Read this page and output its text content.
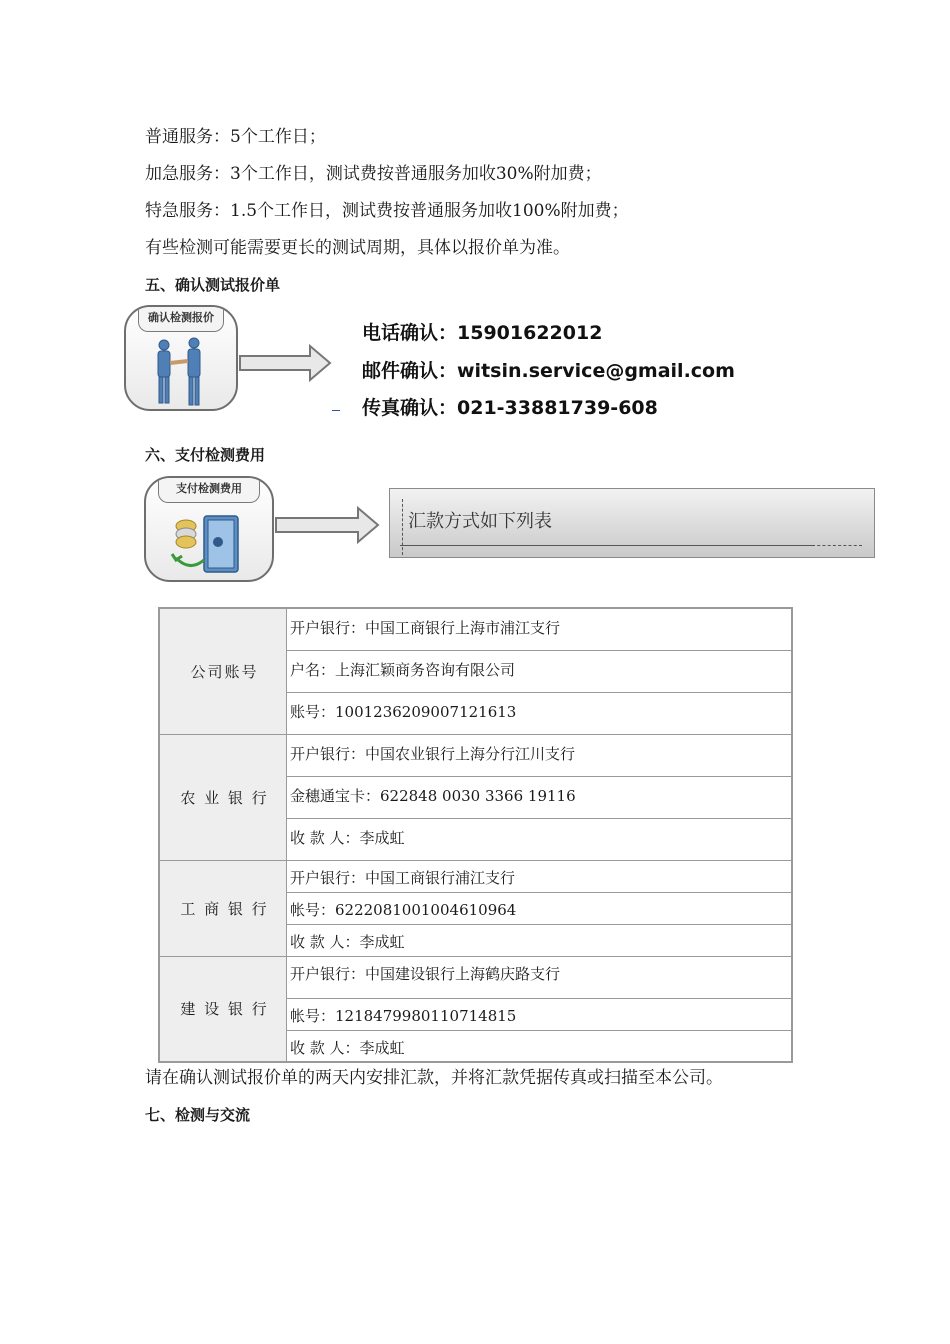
普通服务：5个工作日；
加急服务：3个工作日，测试费按普通服务加收30%附加费；
特急服务：1.5个工作日，测试费按普通服务加收100%附加费；
有些检测可能需要更长的测试周期，具体以报价单为准。
五、确认测试报价单
确认检测报价
电话确认：15901622012
邮件确认：witsin.service@gmail.com
传真确认：021-33881739-608
六、支付检测费用
支付检测费用
汇款方式如下列表
公司账号	开户银行：中国工商银行上海市浦江支行
	户名：上海汇颖商务咨询有限公司
	账号：1001236209007121613
农 业 银 行	开户银行：中国农业银行上海分行江川支行
	金穗通宝卡：622848 0030 3366 19116
	收 款 人：李成虹
工 商 银 行	开户银行：中国工商银行浦江支行
	帐号：6222081001004610964
	收 款 人：李成虹
建 设 银 行	开户银行：中国建设银行上海鹤庆路支行
	帐号：1218479980110714815
	收 款 人：李成虹
请在确认测试报价单的两天内安排汇款，并将汇款凭据传真或扫描至本公司。
七、检测与交流
